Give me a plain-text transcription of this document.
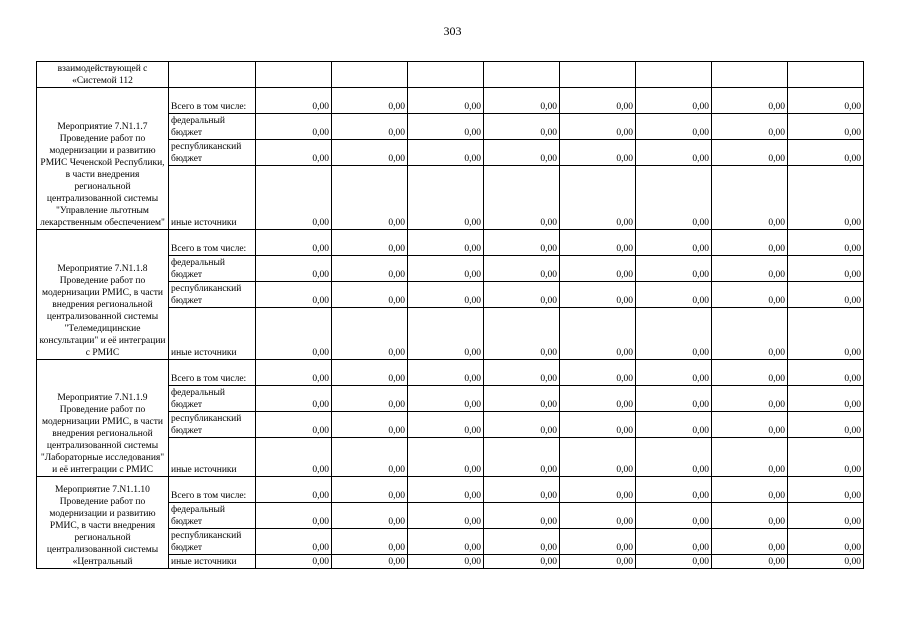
303
взаимодействующей с «Системой 112									
Мероприятие 7.N1.1.7 Проведение работ по модернизации и развитию РМИС Чеченской Республики, в части внедрения региональной централизованной системы "Управление льготным лекарственным обеспечением"	Всего в том числе:	0,00	0,00	0,00	0,00	0,00	0,00	0,00	0,00
	федеральный бюджет	0,00	0,00	0,00	0,00	0,00	0,00	0,00	0,00
	республиканский бюджет	0,00	0,00	0,00	0,00	0,00	0,00	0,00	0,00
	иные источники	0,00	0,00	0,00	0,00	0,00	0,00	0,00	0,00
Мероприятие 7.N1.1.8 Проведение работ по модернизации РМИС, в части внедрения региональной централизованной системы "Телемедицинские консультации" и её интеграции с РМИС	Всего в том числе:	0,00	0,00	0,00	0,00	0,00	0,00	0,00	0,00
	федеральный бюджет	0,00	0,00	0,00	0,00	0,00	0,00	0,00	0,00
	республиканский бюджет	0,00	0,00	0,00	0,00	0,00	0,00	0,00	0,00
	иные источники	0,00	0,00	0,00	0,00	0,00	0,00	0,00	0,00
Мероприятие 7.N1.1.9 Проведение работ по модернизации РМИС, в части внедрения региональной централизованной системы "Лабораторные исследования" и её интеграции с РМИС	Всего в том числе:	0,00	0,00	0,00	0,00	0,00	0,00	0,00	0,00
	федеральный бюджет	0,00	0,00	0,00	0,00	0,00	0,00	0,00	0,00
	республиканский бюджет	0,00	0,00	0,00	0,00	0,00	0,00	0,00	0,00
	иные источники	0,00	0,00	0,00	0,00	0,00	0,00	0,00	0,00
Мероприятие 7.N1.1.10 Проведение работ по модернизации и развитию РМИС, в части внедрения региональной централизованной системы «Центральный	Всего в том числе:	0,00	0,00	0,00	0,00	0,00	0,00	0,00	0,00
	федеральный бюджет	0,00	0,00	0,00	0,00	0,00	0,00	0,00	0,00
	республиканский бюджет	0,00	0,00	0,00	0,00	0,00	0,00	0,00	0,00
	иные источники	0,00	0,00	0,00	0,00	0,00	0,00	0,00	0,00
